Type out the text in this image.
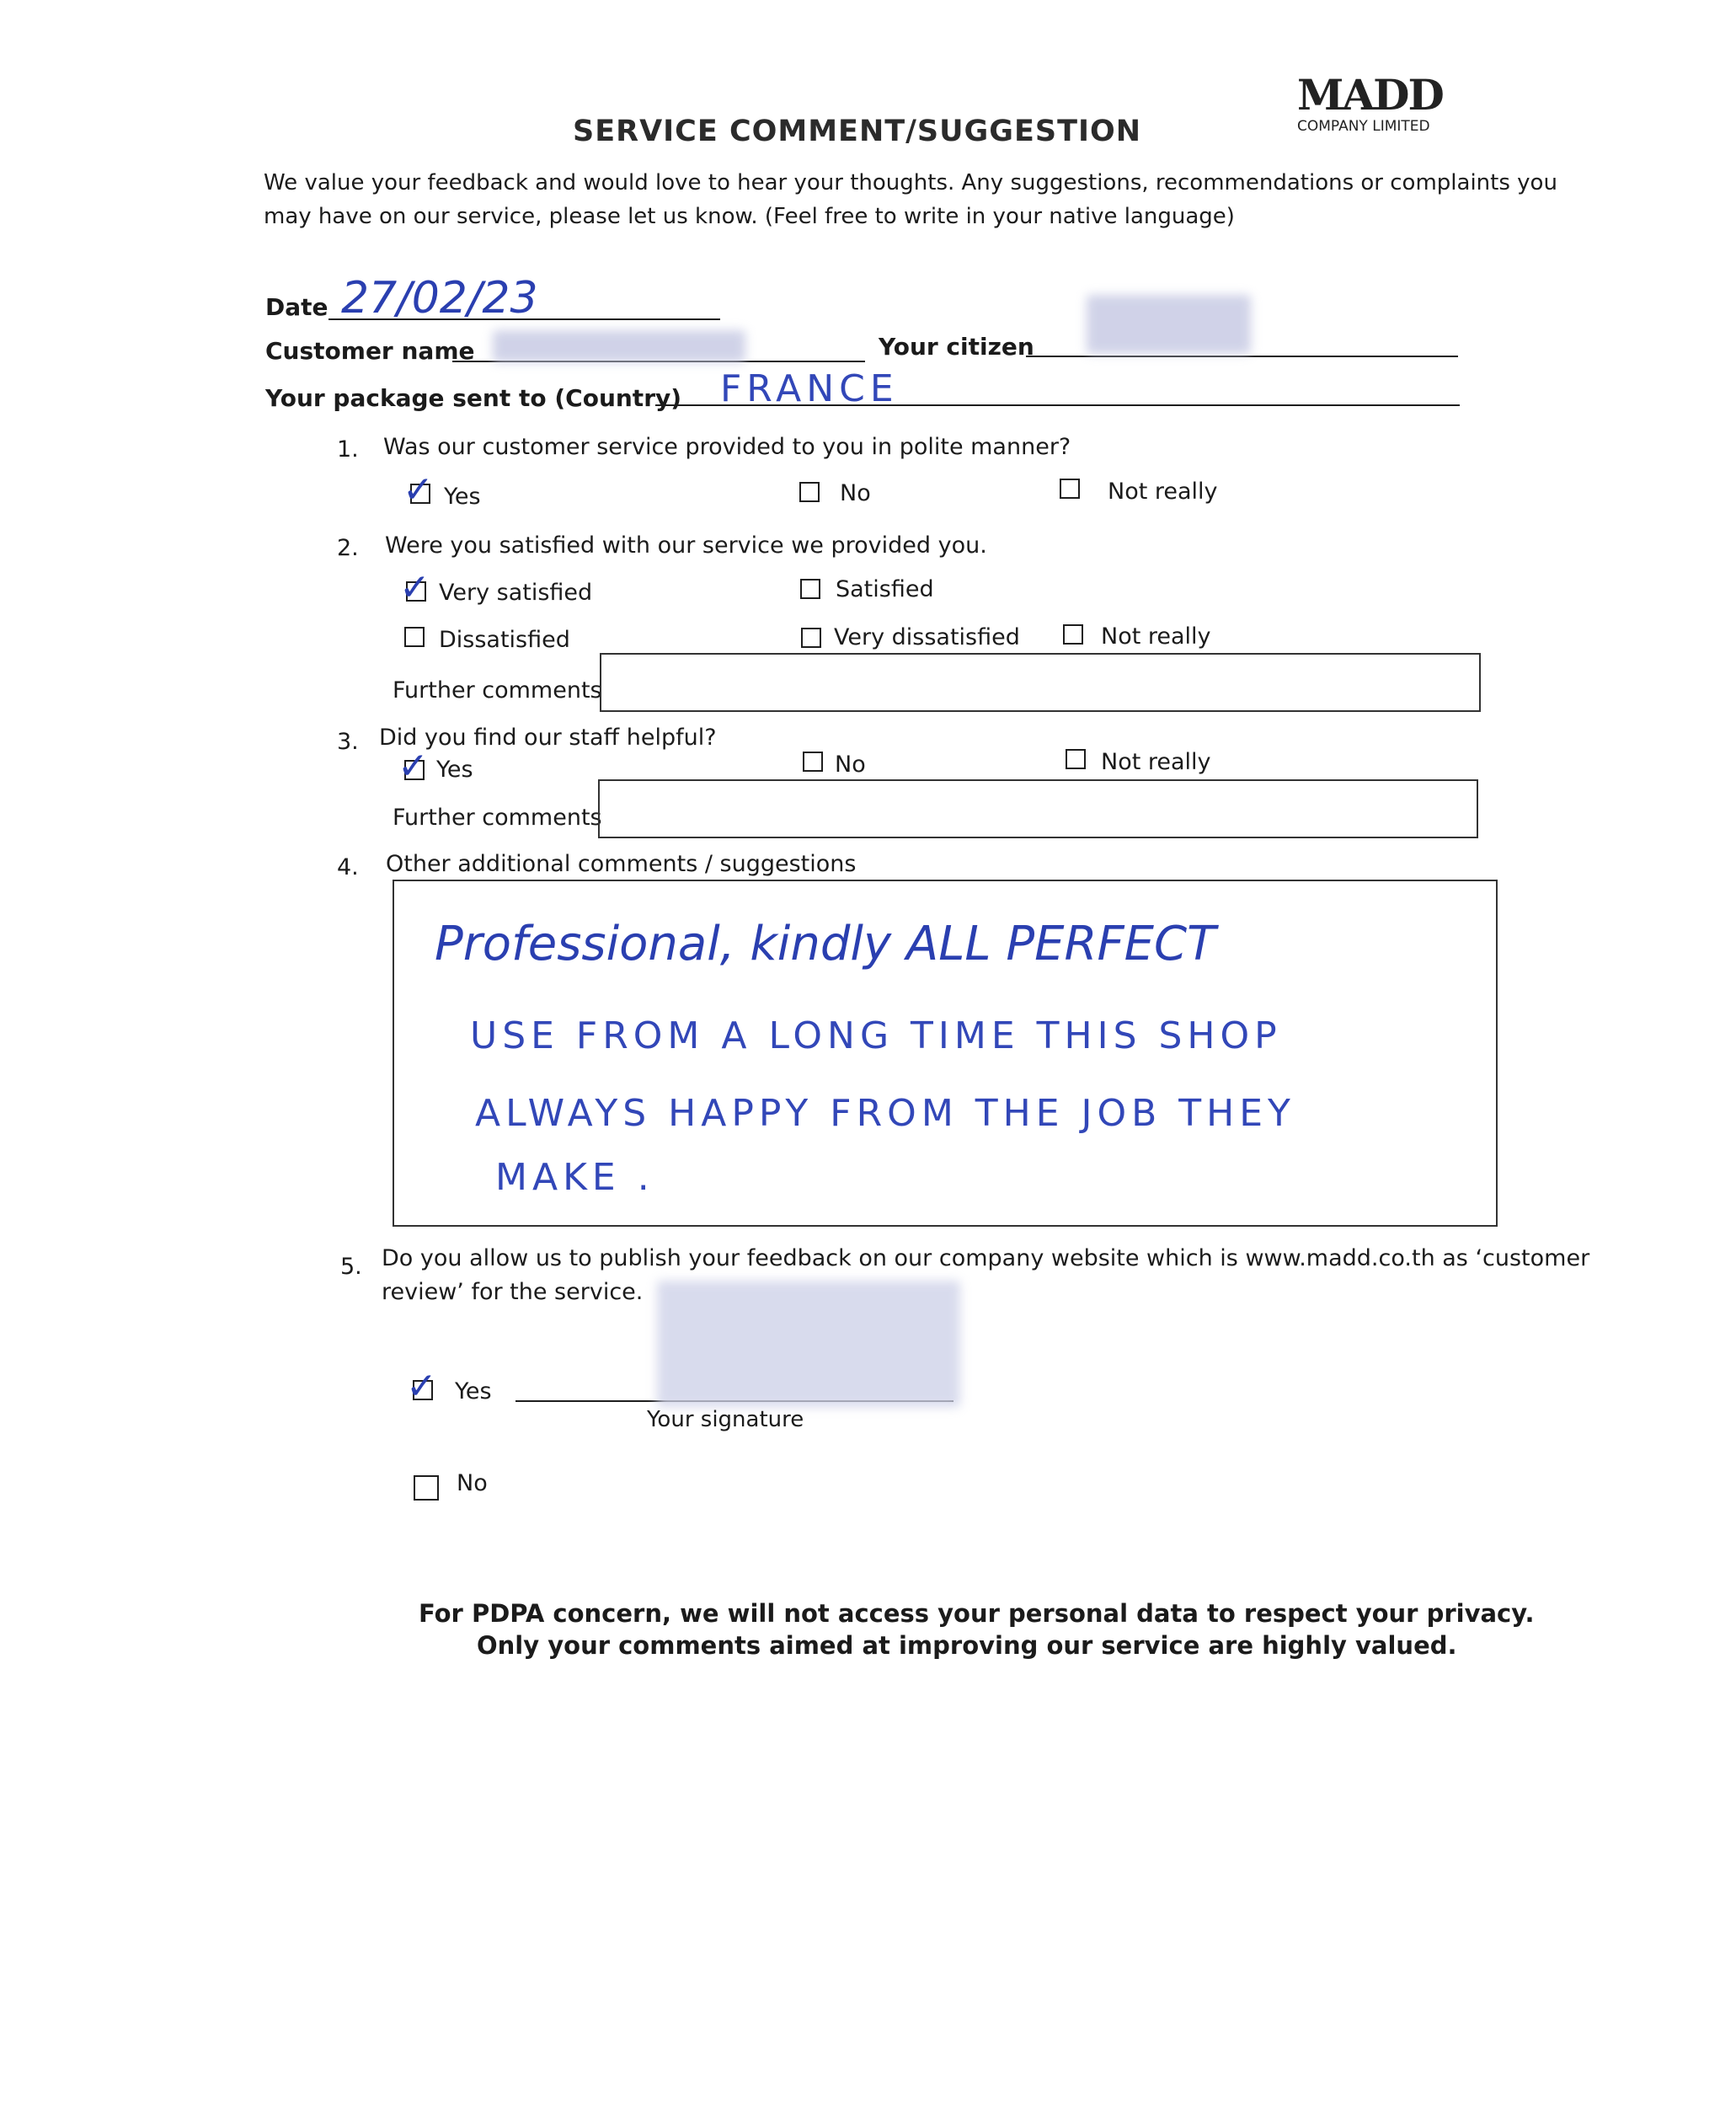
MADD
COMPANY LIMITED
SERVICE COMMENT/SUGGESTION
We value your feedback and would love to hear your thoughts. Any suggestions, recommendations or complaints you
may have on our service, please let us know. (Feel free to write in your native language)
Date 27/02/23
Customer name	Your citizen
Your package sent to (Country) FRANCE
1. Was our customer service provided to you in polite manner?
✓ Yes	No	Not really
2. Were you satisfied with our service we provided you.
✓ Very satisfied	Satisfied
Dissatisfied	Very dissatisfied	Not really
Further comments
3. Did you find our staff helpful?
✓ Yes	No	Not really
Further comments
4. Other additional comments / suggestions
Professional, kindly ALL PERFECT
USE FROM A LONG TIME THIS SHOP
ALWAYS HAPPY FROM THE JOB THEY
MAKE .
5. Do you allow us to publish your feedback on our company website which is www.madd.co.th as ‘customer
review’ for the service.
✓ Yes
Your signature
No
For PDPA concern, we will not access your personal data to respect your privacy.
Only your comments aimed at improving our service are highly valued.
